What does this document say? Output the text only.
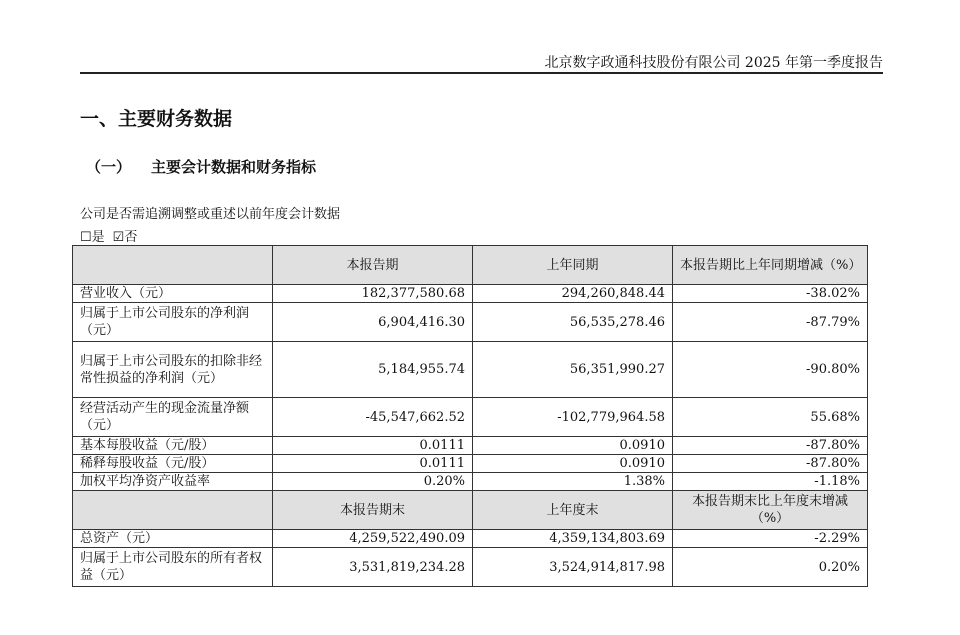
北京数字政通科技股份有限公司 2025 年第一季度报告
一、主要财务数据
（一） 主要会计数据和财务指标
公司是否需追溯调整或重述以前年度会计数据
☐是 ☑否
	本报告期	上年同期	本报告期比上年同期增减（%）
营业收入（元）	182,377,580.68	294,260,848.44	-38.02%
归属于上市公司股东的净利润（元）	6,904,416.30	56,535,278.46	-87.79%
归属于上市公司股东的扣除非经常性损益的净利润（元）	5,184,955.74	56,351,990.27	-90.80%
经营活动产生的现金流量净额（元）	-45,547,662.52	-102,779,964.58	55.68%
基本每股收益（元/股）	0.0111	0.0910	-87.80%
稀释每股收益（元/股）	0.0111	0.0910	-87.80%
加权平均净资产收益率	0.20%	1.38%	-1.18%
	本报告期末	上年度末	本报告期末比上年度末增减（%）
总资产（元）	4,259,522,490.09	4,359,134,803.69	-2.29%
归属于上市公司股东的所有者权益（元）	3,531,819,234.28	3,524,914,817.98	0.20%
